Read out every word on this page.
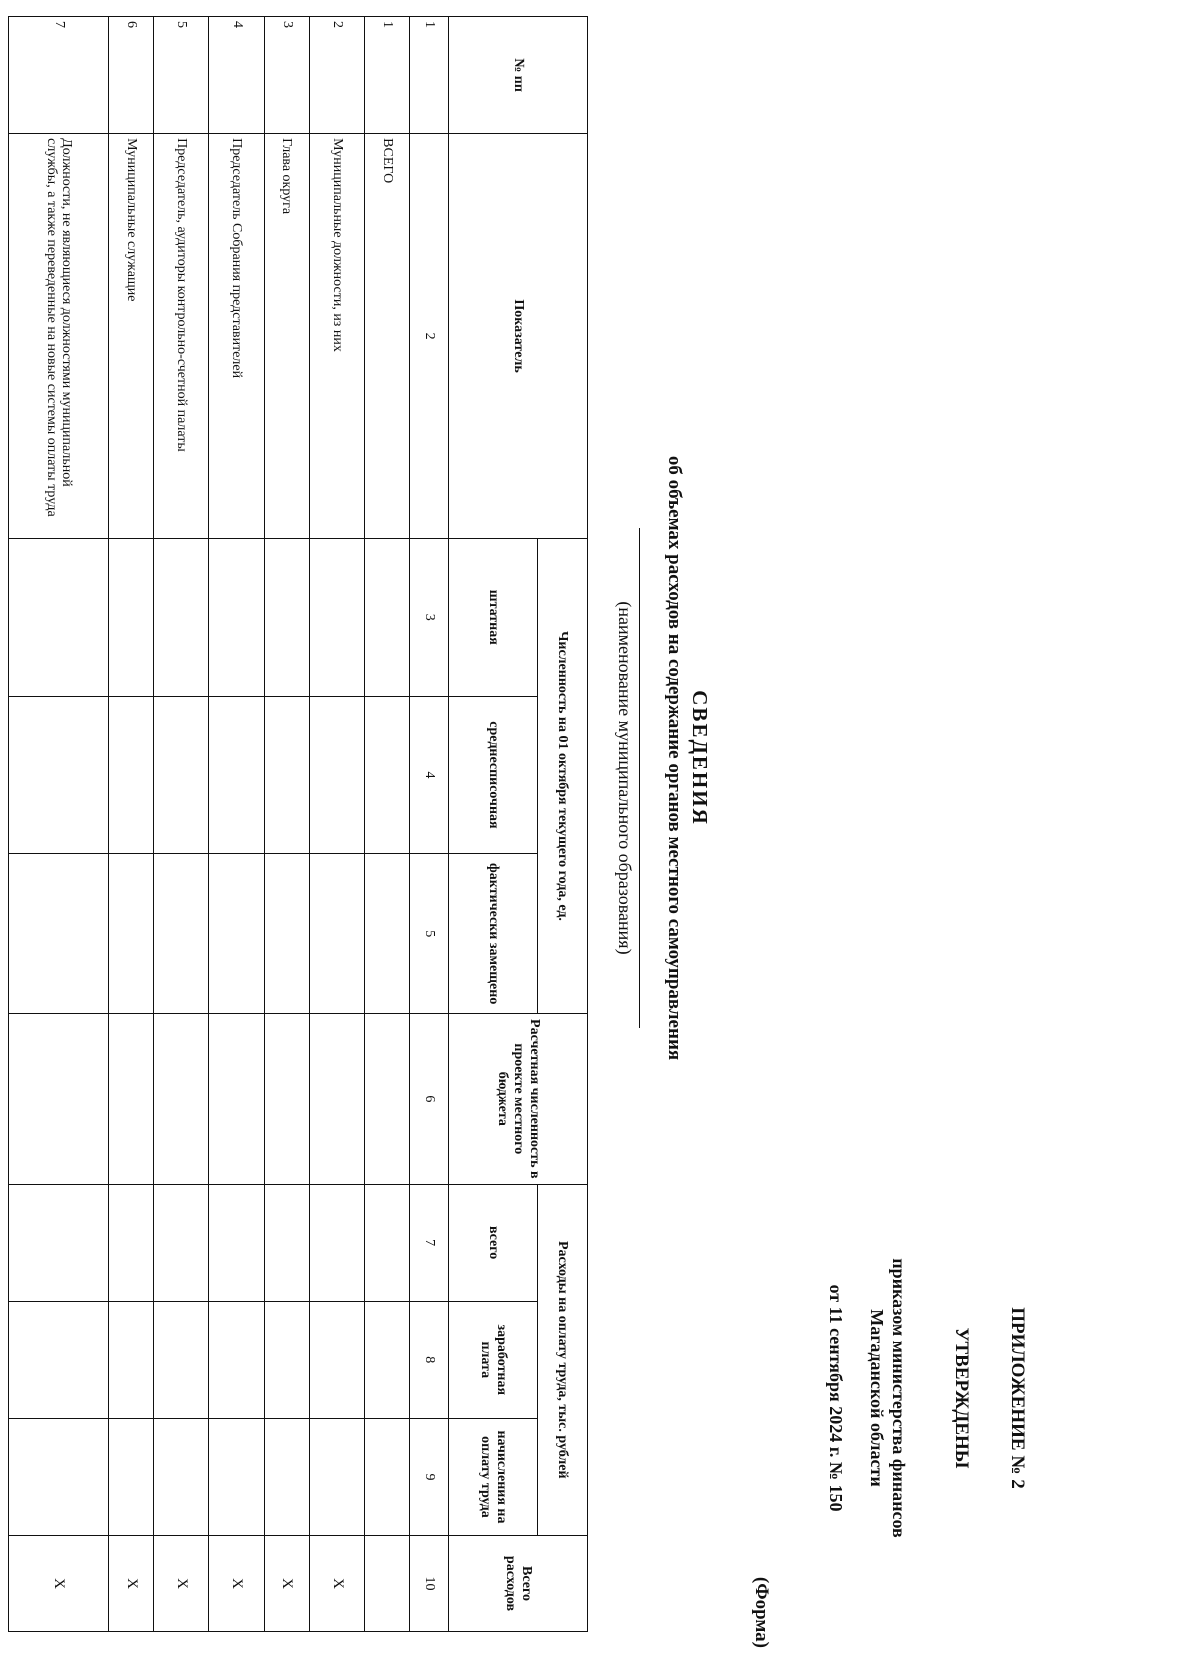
ПРИЛОЖЕНИЕ № 2
УТВЕРЖДЕНЫ
приказом министерства финансов
Магаданской области
от 11 сентября 2024 г. № 150
(Форма)
СВЕДЕНИЯ
об объемах расходов на содержание органов местного самоуправления
(наименование муниципального образования)
№ пп	Показатель	Численность на 01 октября текущего года, ед.			Расчетная численность в проекте местного бюджета	Расходы на оплату труда, тыс. рублей			Всего расходов
		штатная	среднесписочная	фактически замещено		всего	заработная плата	начисления на оплату труда	
1	2	3	4	5	6	7	8	9	10
1	ВСЕГО								
2	Муниципальные должности, из них								Х
3	Глава округа								Х
4	Председатель Собрания представителей								Х
5	Председатель, аудиторы контрольно-счетной палаты								Х
6	Муниципальные служащие								Х
7	Должности, не являющиеся должностями муниципальной службы, а также переведенные на новые системы оплаты труда								Х
